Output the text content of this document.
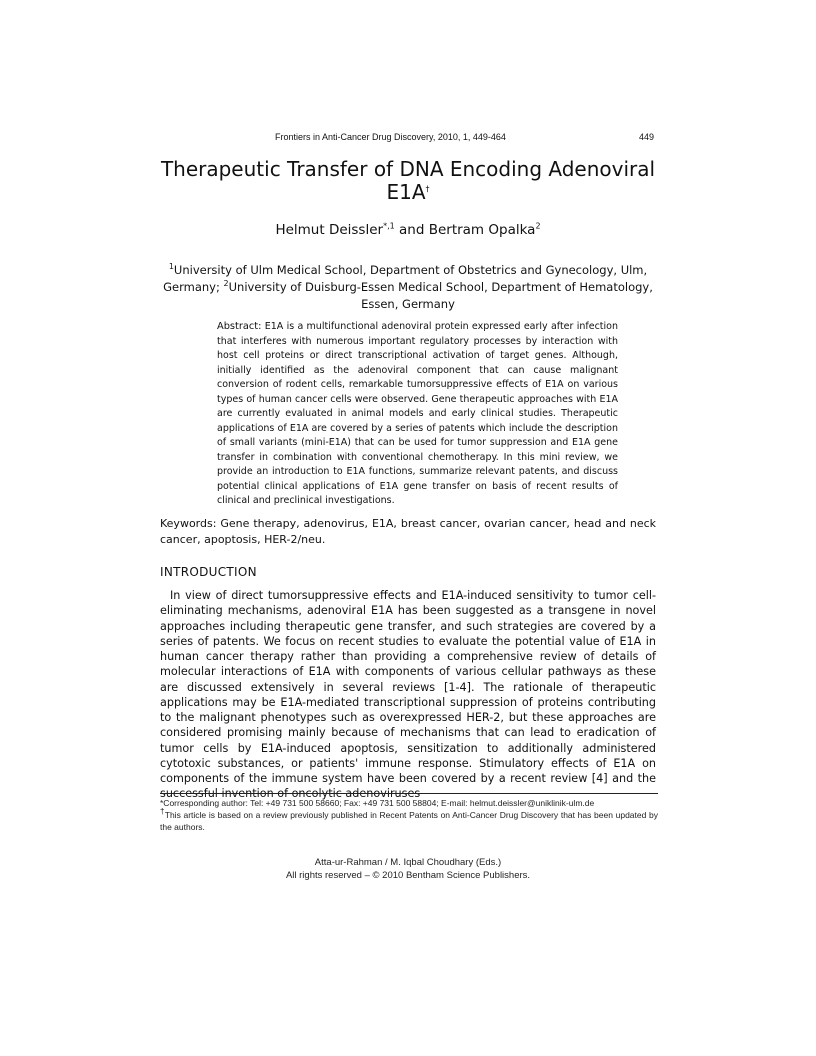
Frontiers in Anti-Cancer Drug Discovery, 2010, 1, 449-464	449
Therapeutic Transfer of DNA Encoding Adenoviral E1A†
Helmut Deissler$^{*,1}$ and Bertram Opalka$^2$
$^1$University of Ulm Medical School, Department of Obstetrics and Gynecology, Ulm, Germany; $^2$University of Duisburg-Essen Medical School, Department of Hematology, Essen, Germany
Abstract: E1A is a multifunctional adenoviral protein expressed early after infection that interferes with numerous important regulatory processes by interaction with host cell proteins or direct transcriptional activation of target genes. Although, initially identified as the adenoviral component that can cause malignant conversion of rodent cells, remarkable tumorsuppressive effects of E1A on various types of human cancer cells were observed. Gene therapeutic approaches with E1A are currently evaluated in animal models and early clinical studies. Therapeutic applications of E1A are covered by a series of patents which include the description of small variants (mini-E1A) that can be used for tumor suppression and E1A gene transfer in combination with conventional chemotherapy. In this mini review, we provide an introduction to E1A functions, summarize relevant patents, and discuss potential clinical applications of E1A gene transfer on basis of recent results of clinical and preclinical investigations.
Keywords: Gene therapy, adenovirus, E1A, breast cancer, ovarian cancer, head and neck cancer, apoptosis, HER-2/neu.
INTRODUCTION
In view of direct tumorsuppressive effects and E1A-induced sensitivity to tumor cell-eliminating mechanisms, adenoviral E1A has been suggested as a transgene in novel approaches including therapeutic gene transfer, and such strategies are covered by a series of patents. We focus on recent studies to evaluate the potential value of E1A in human cancer therapy rather than providing a comprehensive review of details of molecular interactions of E1A with components of various cellular pathways as these are discussed extensively in several reviews [1-4]. The rationale of therapeutic applications may be E1A-mediated transcriptional suppression of proteins contributing to the malignant phenotypes such as overexpressed HER-2, but these approaches are considered promising mainly because of mechanisms that can lead to eradication of tumor cells by E1A-induced apoptosis, sensitization to additionally administered cytotoxic substances, or patients' immune response. Stimulatory effects of E1A on components of the immune system have been covered by a recent review [4] and the successful invention of oncolytic adenoviruses

*Corresponding author: Tel: +49 731 500 58660; Fax: +49 731 500 58804; E-mail: helmut.deissler@uniklinik-ulm.de

†This article is based on a review previously published in Recent Patents on Anti-Cancer Drug Discovery that has been updated by the authors.

Atta-ur-Rahman / M. Iqbal Choudhary (Eds.)

All rights reserved – © 2010 Bentham Science Publishers.
